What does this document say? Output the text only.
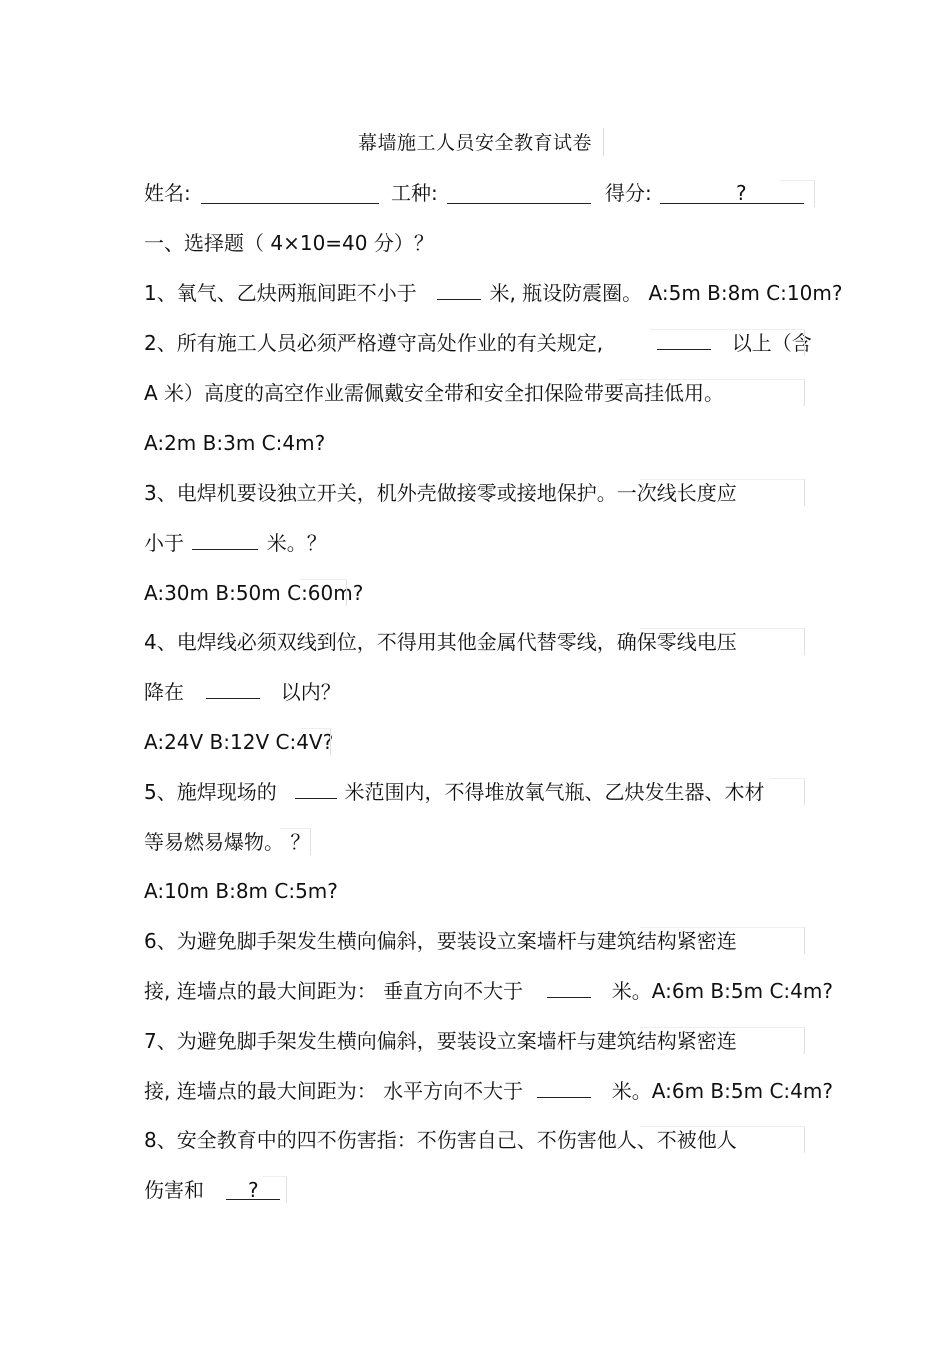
幕墙施工人员安全教育试卷
姓名:	工种:	得分:	?
一、选择题（ 4×10=40 分）？
1、氧气、乙炔两瓶间距不小于	米, 瓶设防震圈。 A:5m B:8m C:10m?
2、所有施工人员必须严格遵守高处作业的有关规定,	以上（含
A 米）高度的高空作业需佩戴安全带和安全扣保险带要高挂低用。
A:2m B:3m C:4m?
3、电焊机要设独立开关，机外壳做接零或接地保护。一次线长度应
小于	米。？
A:30m B:50m C:60m?
4、电焊线必须双线到位，不得用其他金属代替零线，确保零线电压
降在	以内？
A:24V B:12V C:4V?
5、施焊现场的	米范围内，不得堆放氧气瓶、乙炔发生器、木材
等易燃易爆物。 ？
A:10m B:8m C:5m?
6、为避免脚手架发生横向偏斜，要装设立案墙杆与建筑结构紧密连
接, 连墙点的最大间距为： 垂直方向不大于	米。A:6m B:5m C:4m?
7、为避免脚手架发生横向偏斜，要装设立案墙杆与建筑结构紧密连
接, 连墙点的最大间距为： 水平方向不大于	米。A:6m B:5m C:4m?
8、安全教育中的四不伤害指：不伤害自己、不伤害他人、不被他人
伤害和 ?
